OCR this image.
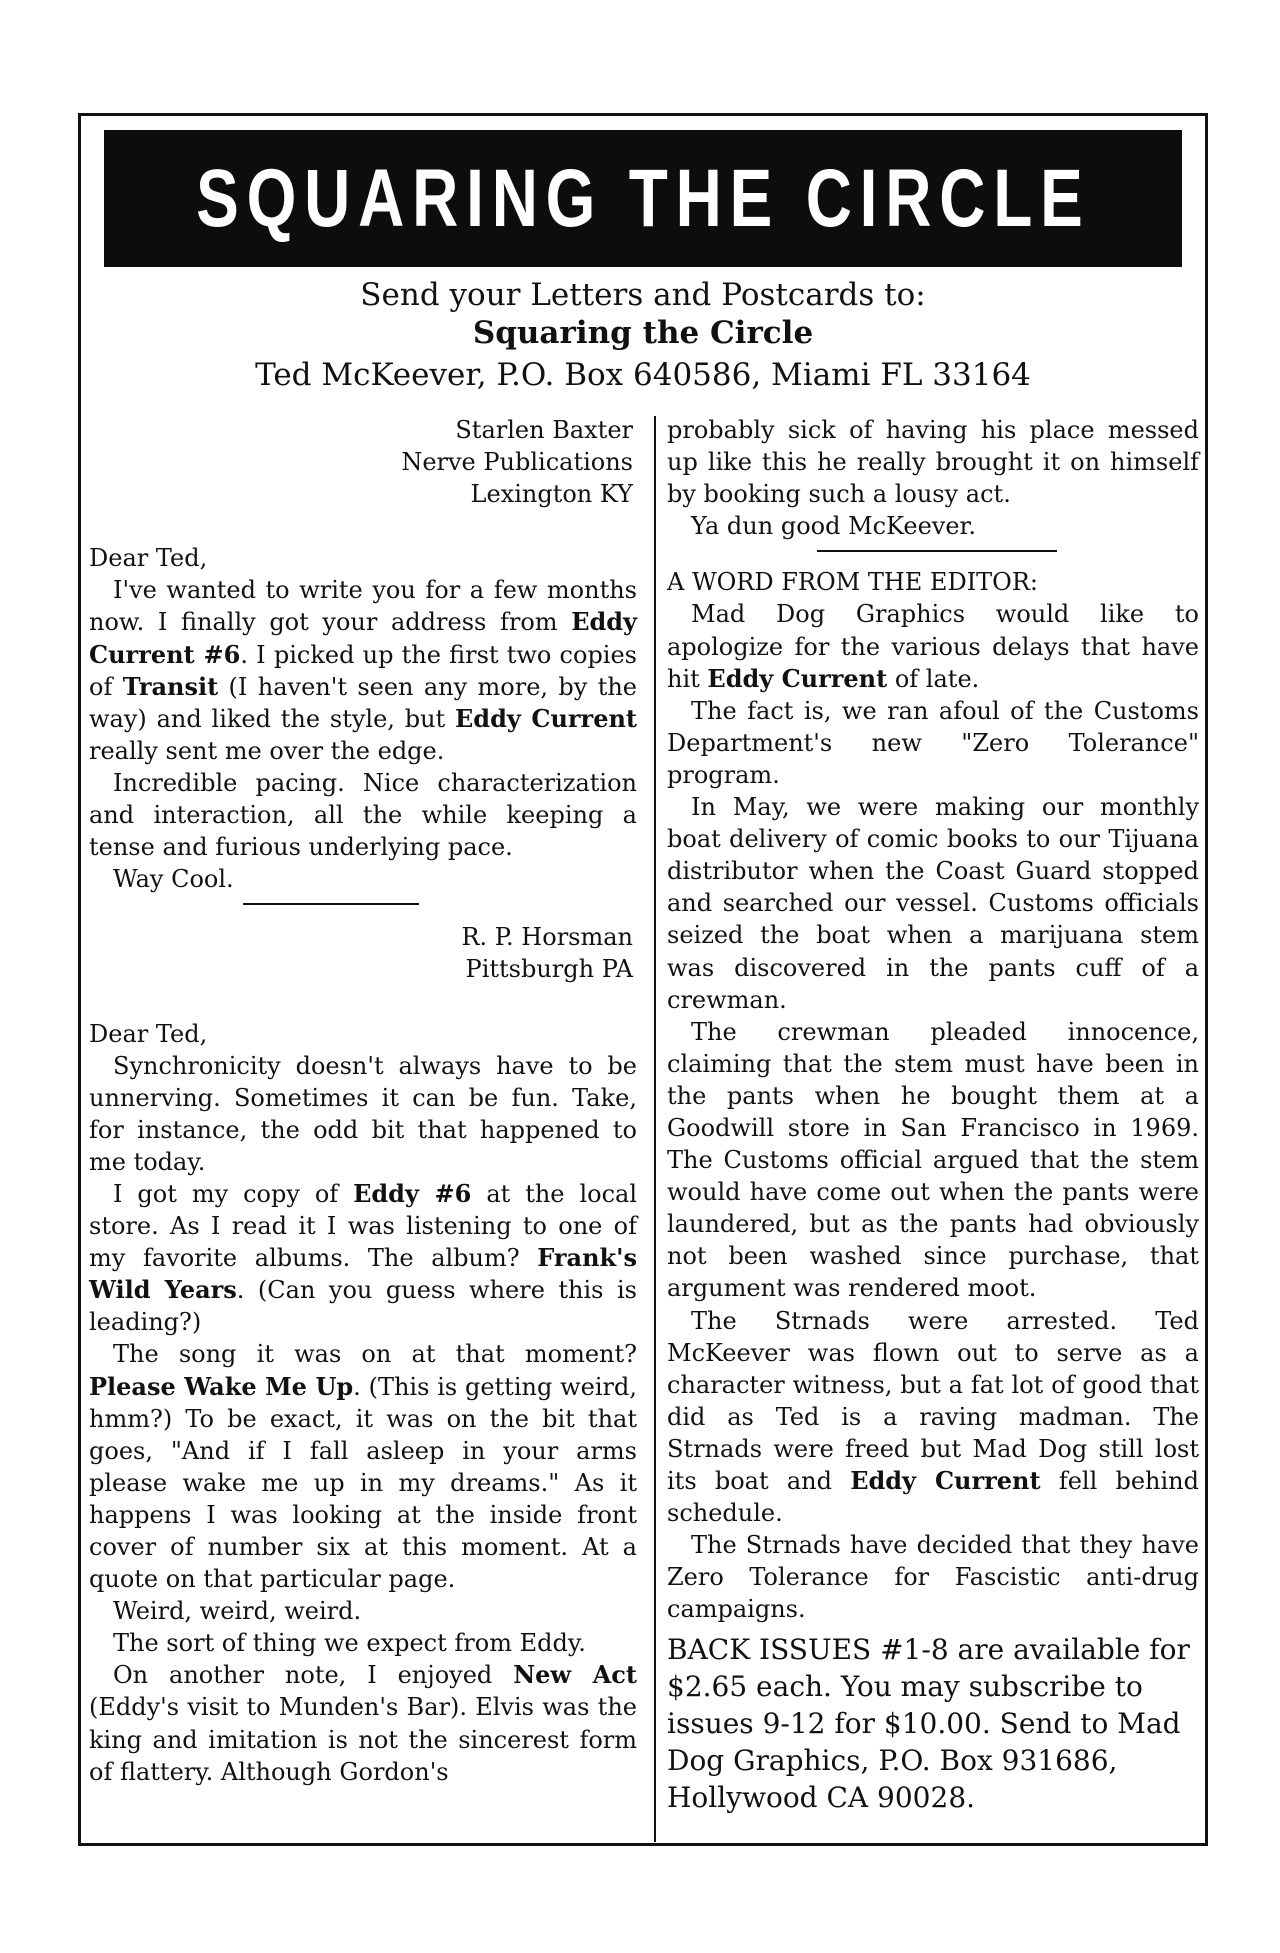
SQUARING THE CIRCLE
Send your Letters and Postcards to:
Squaring the Circle
Ted McKeever, P.O. Box 640586, Miami FL 33164
Starlen Baxter
Nerve Publications
Lexington KY

Dear Ted,

I've wanted to write you for a few months now. I finally got your address from Eddy Current #6. I picked up the first two copies of Transit (I haven't seen any more, by the way) and liked the style, but Eddy Current really sent me over the edge.

Incredible pacing. Nice characterization and interaction, all the while keeping a tense and furious underlying pace.

Way Cool.

R. P. Horsman
Pittsburgh PA

Dear Ted,

Synchronicity doesn't always have to be unnerving. Sometimes it can be fun. Take, for instance, the odd bit that happened to me today.

I got my copy of Eddy #6 at the local store. As I read it I was listening to one of my favorite albums. The album? Frank's Wild Years. (Can you guess where this is leading?)

The song it was on at that moment? Please Wake Me Up. (This is getting weird, hmm?) To be exact, it was on the bit that goes, "And if I fall asleep in your arms please wake me up in my dreams." As it happens I was looking at the inside front cover of number six at this moment. At a quote on that particular page.

Weird, weird, weird.

The sort of thing we expect from Eddy.

On another note, I enjoyed New Act (Eddy's visit to Munden's Bar). Elvis was the king and imitation is not the sincerest form of flattery. Although Gordon's

probably sick of having his place messed up like this he really brought it on himself by booking such a lousy act.

Ya dun good McKeever.

A WORD FROM THE EDITOR:

Mad Dog Graphics would like to apologize for the various delays that have hit Eddy Current of late.

The fact is, we ran afoul of the Customs Department's new "Zero Tolerance" program.

In May, we were making our monthly boat delivery of comic books to our Tijuana distributor when the Coast Guard stopped and searched our vessel. Customs officials seized the boat when a marijuana stem was discovered in the pants cuff of a crewman.

The crewman pleaded innocence, claiming that the stem must have been in the pants when he bought them at a Goodwill store in San Francisco in 1969. The Customs official argued that the stem would have come out when the pants were laundered, but as the pants had obviously not been washed since purchase, that argument was rendered moot.

The Strnads were arrested. Ted McKeever was flown out to serve as a character witness, but a fat lot of good that did as Ted is a raving madman. The Strnads were freed but Mad Dog still lost its boat and Eddy Current fell behind schedule.

The Strnads have decided that they have Zero Tolerance for Fascistic anti-drug campaigns.

BACK ISSUES #1-8 are available for $2.65 each. You may subscribe to issues 9-12 for $10.00. Send to Mad Dog Graphics, P.O. Box 931686, Hollywood CA 90028.
